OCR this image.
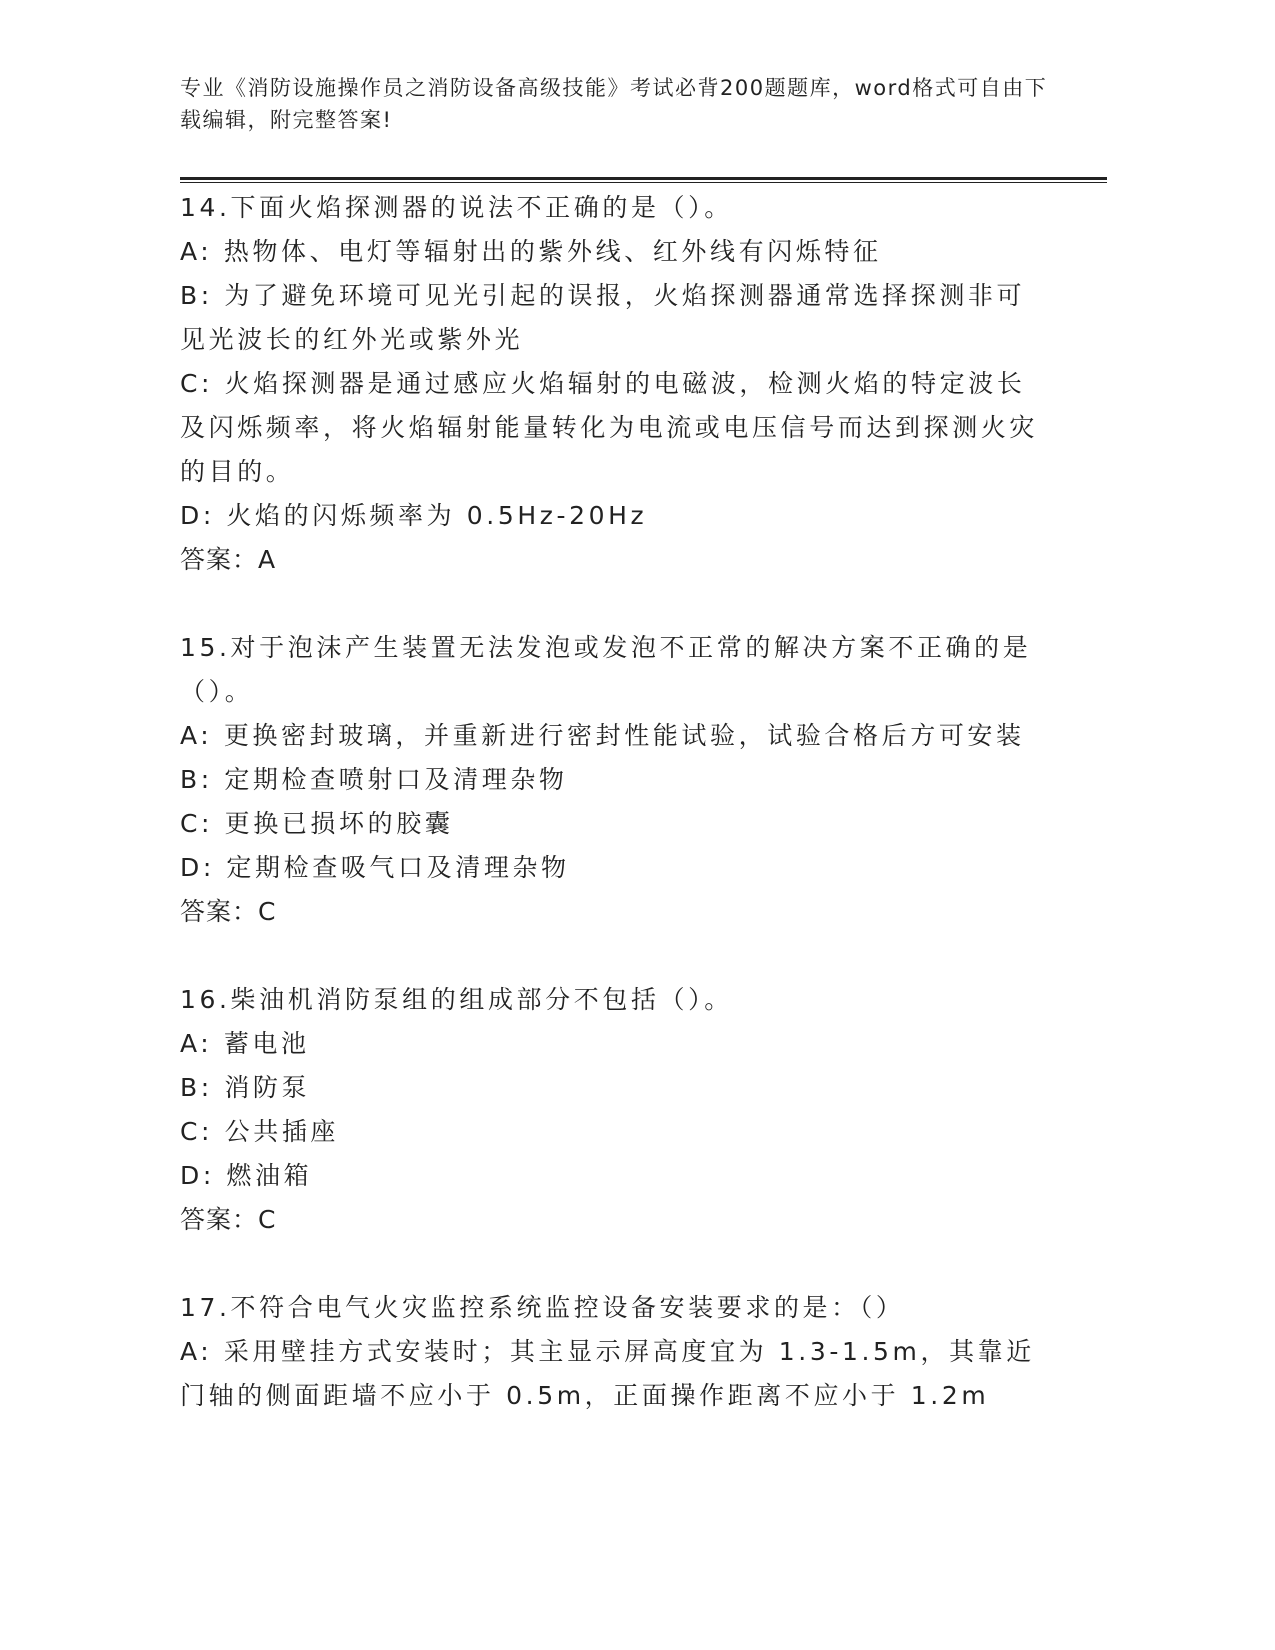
专业《消防设施操作员之消防设备高级技能》考试必背200题题库，word格式可自由下载编辑，附完整答案!
14.下面火焰探测器的说法不正确的是（）。
A: 热物体、电灯等辐射出的紫外线、红外线有闪烁特征
B: 为了避免环境可见光引起的误报，火焰探测器通常选择探测非可见光波长的红外光或紫外光
C: 火焰探测器是通过感应火焰辐射的电磁波，检测火焰的特定波长及闪烁频率，将火焰辐射能量转化为电流或电压信号而达到探测火灾的目的。
D: 火焰的闪烁频率为 0.5Hz-20Hz
答案：A
15.对于泡沫产生装置无法发泡或发泡不正常的解决方案不正确的是（）。
A: 更换密封玻璃，并重新进行密封性能试验，试验合格后方可安装
B: 定期检查喷射口及清理杂物
C: 更换已损坏的胶囊
D: 定期检查吸气口及清理杂物
答案：C
16.柴油机消防泵组的组成部分不包括（）。
A: 蓄电池
B: 消防泵
C: 公共插座
D: 燃油箱
答案：C
17.不符合电气火灾监控系统监控设备安装要求的是：（）
A: 采用壁挂方式安装时；其主显示屏高度宜为 1.3-1.5m，其靠近门轴的侧面距墙不应小于 0.5m，正面操作距离不应小于 1.2m
